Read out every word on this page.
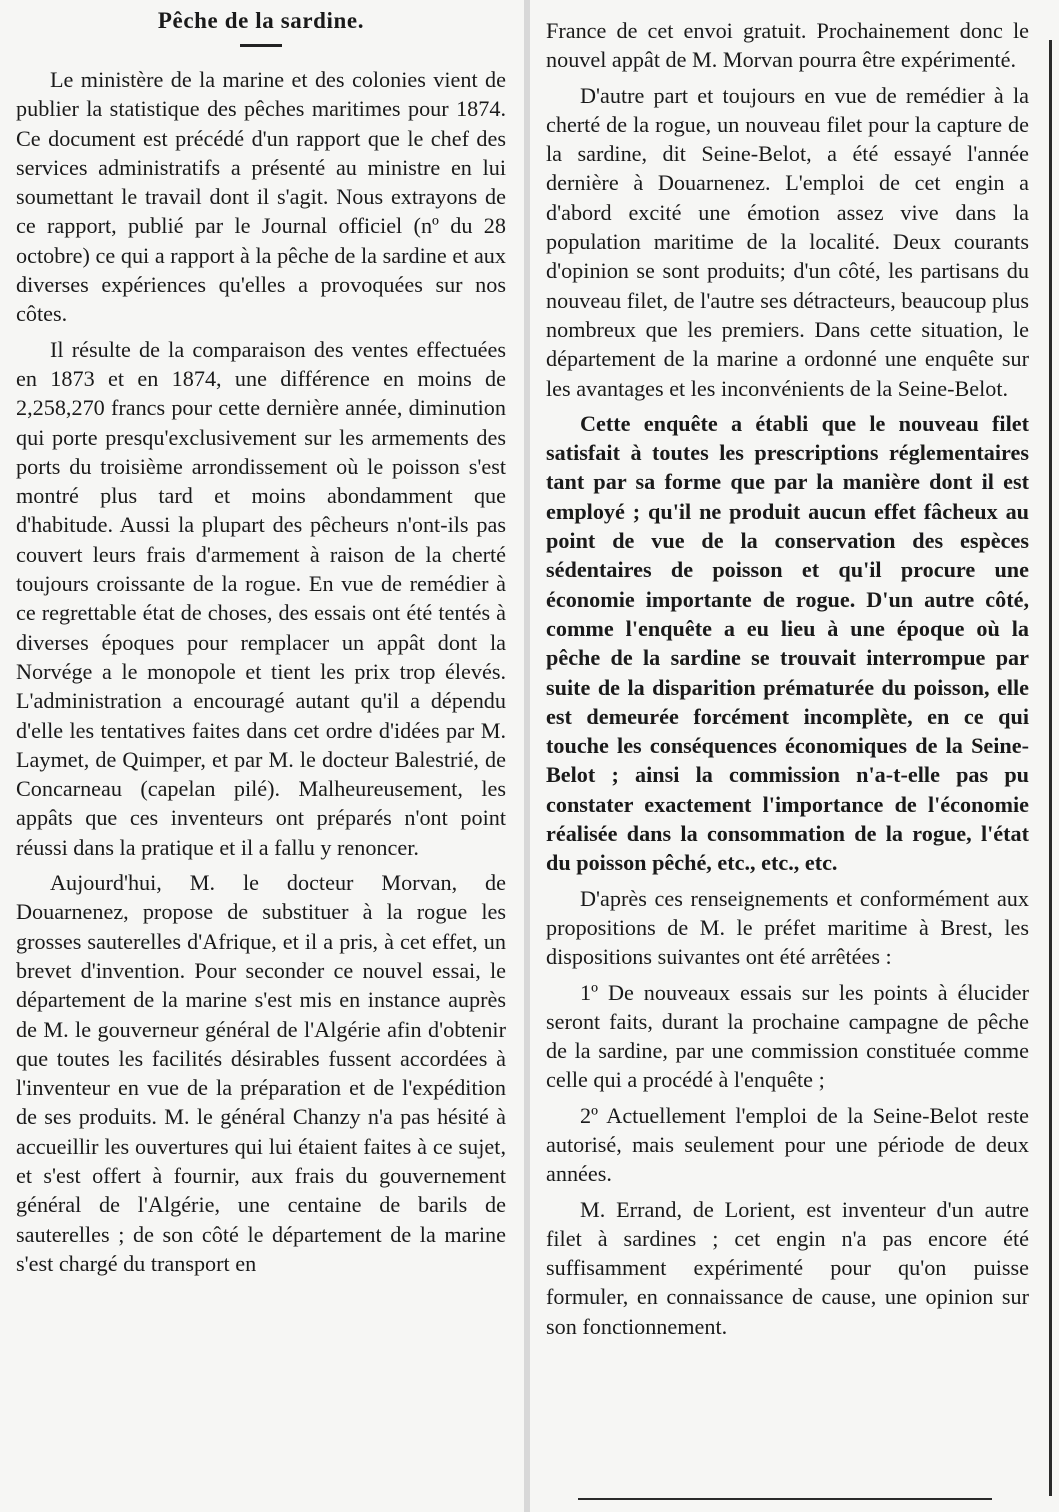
Pêche de la sardine.

Le ministère de la marine et des colonies vient de publier la statistique des pêches maritimes pour 1874. Ce document est précédé d'un rapport que le chef des services administratifs a présenté au ministre en lui soumettant le travail dont il s'agit. Nous extrayons de ce rapport, publié par le Journal officiel (nº du 28 octobre) ce qui a rapport à la pêche de la sardine et aux diverses expériences qu'elles a provoquées sur nos côtes.

Il résulte de la comparaison des ventes effectuées en 1873 et en 1874, une différence en moins de 2,258,270 francs pour cette dernière année, diminution qui porte presqu'exclusivement sur les armements des ports du troisième arrondissement où le poisson s'est montré plus tard et moins abondamment que d'habitude. Aussi la plupart des pêcheurs n'ont-ils pas couvert leurs frais d'armement à raison de la cherté toujours croissante de la rogue. En vue de remédier à ce regrettable état de choses, des essais ont été tentés à diverses époques pour remplacer un appât dont la Norvége a le monopole et tient les prix trop élevés. L'administration a encouragé autant qu'il a dépendu d'elle les tentatives faites dans cet ordre d'idées par M. Laymet, de Quimper, et par M. le docteur Balestrié, de Concarneau (capelan pilé). Malheureusement, les appâts que ces inventeurs ont préparés n'ont point réussi dans la pratique et il a fallu y renoncer.

Aujourd'hui, M. le docteur Morvan, de Douarnenez, propose de substituer à la rogue les grosses sauterelles d'Afrique, et il a pris, à cet effet, un brevet d'invention. Pour seconder ce nouvel essai, le département de la marine s'est mis en instance auprès de M. le gouverneur général de l'Algérie afin d'obtenir que toutes les facilités désirables fussent accordées à l'inventeur en vue de la préparation et de l'expédition de ses produits. M. le général Chanzy n'a pas hésité à accueillir les ouvertures qui lui étaient faites à ce sujet, et s'est offert à fournir, aux frais du gouvernement général de l'Algérie, une centaine de barils de sauterelles ; de son côté le département de la marine s'est chargé du transport en

France de cet envoi gratuit. Prochainement donc le nouvel appât de M. Morvan pourra être expérimenté.

D'autre part et toujours en vue de remédier à la cherté de la rogue, un nouveau filet pour la capture de la sardine, dit Seine-Belot, a été essayé l'année dernière à Douarnenez. L'emploi de cet engin a d'abord excité une émotion assez vive dans la population maritime de la localité. Deux courants d'opinion se sont produits; d'un côté, les partisans du nouveau filet, de l'autre ses détracteurs, beaucoup plus nombreux que les premiers. Dans cette situation, le département de la marine a ordonné une enquête sur les avantages et les inconvénients de la Seine-Belot.

Cette enquête a établi que le nouveau filet satisfait à toutes les prescriptions réglementaires tant par sa forme que par la manière dont il est employé ; qu'il ne produit aucun effet fâcheux au point de vue de la conservation des espèces sédentaires de poisson et qu'il procure une économie importante de rogue. D'un autre côté, comme l'enquête a eu lieu à une époque où la pêche de la sardine se trouvait interrompue par suite de la disparition prématurée du poisson, elle est demeurée forcément incomplète, en ce qui touche les conséquences économiques de la Seine-Belot ; ainsi la commission n'a-t-elle pas pu constater exactement l'importance de l'économie réalisée dans la consommation de la rogue, l'état du poisson pêché, etc., etc., etc.

D'après ces renseignements et conformément aux propositions de M. le préfet maritime à Brest, les dispositions suivantes ont été arrêtées :

1º De nouveaux essais sur les points à élucider seront faits, durant la prochaine campagne de pêche de la sardine, par une commission constituée comme celle qui a procédé à l'enquête ;

2º Actuellement l'emploi de la Seine-Belot reste autorisé, mais seulement pour une période de deux années.

M. Errand, de Lorient, est inventeur d'un autre filet à sardines ; cet engin n'a pas encore été suffisamment expérimenté pour qu'on puisse formuler, en connaissance de cause, une opinion sur son fonctionnement.
